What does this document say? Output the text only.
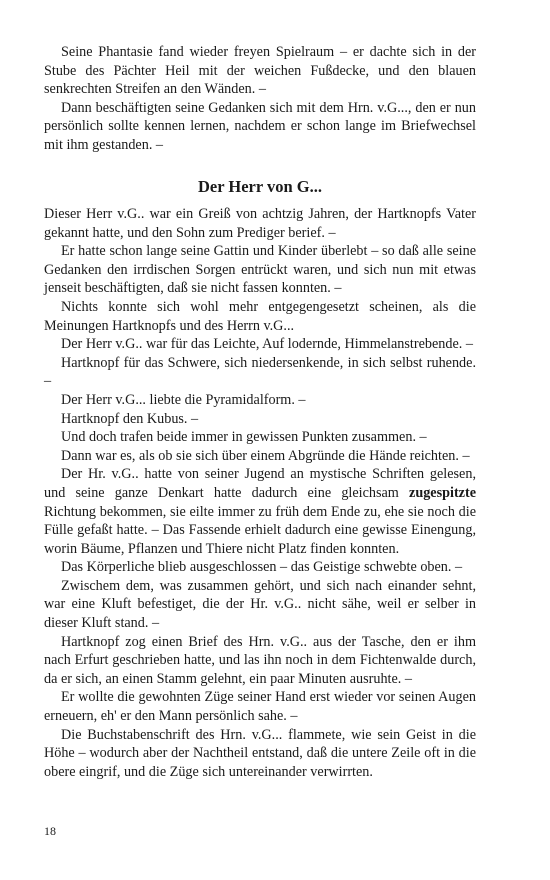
Seine Phantasie fand wieder freyen Spielraum – er dachte sich in der Stube des Pächter Heil mit der weichen Fußdecke, und den blauen senkrechten Streifen an den Wänden. –

Dann beschäftigten seine Gedanken sich mit dem Hrn. v.G..., den er nun persönlich sollte kennen lernen, nachdem er schon lange im Briefwechsel mit ihm gestanden. –

Der Herr von G...

Dieser Herr v.G.. war ein Greiß von achtzig Jahren, der Hartknopfs Vater gekannt hatte, und den Sohn zum Prediger berief. –

Er hatte schon lange seine Gattin und Kinder überlebt – so daß alle seine Gedanken den irrdischen Sorgen entrückt waren, und sich nun mit etwas jenseit beschäftigten, daß sie nicht fassen konnten. –

Nichts konnte sich wohl mehr entgegengesetzt scheinen, als die Meinungen Hartknopfs und des Herrn v.G...

Der Herr v.G.. war für das Leichte, Auf lodernde, Himmelanstrebende. –

Hartknopf für das Schwere, sich niedersenkende, in sich selbst ruhende. –

Der Herr v.G... liebte die Pyramidalform. –

Hartknopf den Kubus. –

Und doch trafen beide immer in gewissen Punkten zusammen. –

Dann war es, als ob sie sich über einem Abgründe die Hände reichten. –

Der Hr. v.G.. hatte von seiner Jugend an mystische Schriften gelesen, und seine ganze Denkart hatte dadurch eine gleichsam zugespitzte Richtung bekommen, sie eilte immer zu früh dem Ende zu, ehe sie noch die Fülle gefaßt hatte. – Das Fassende erhielt dadurch eine gewisse Einengung, worin Bäume, Pflanzen und Thiere nicht Platz finden konnten.

Das Körperliche blieb ausgeschlossen – das Geistige schwebte oben. –

Zwischem dem, was zusammen gehört, und sich nach einander sehnt, war eine Kluft befestiget, die der Hr. v.G.. nicht sähe, weil er selber in dieser Kluft stand. –

Hartknopf zog einen Brief des Hrn. v.G.. aus der Tasche, den er ihm nach Erfurt geschrieben hatte, und las ihn noch in dem Fichtenwalde durch, da er sich, an einen Stamm gelehnt, ein paar Minuten ausruhte. –

Er wollte die gewohnten Züge seiner Hand erst wieder vor seinen Augen erneuern, eh' er den Mann persönlich sahe. –

Die Buchstabenschrift des Hrn. v.G... flammete, wie sein Geist in die Höhe – wodurch aber der Nachtheil entstand, daß die untere Zeile oft in die obere eingrif, und die Züge sich untereinander verwirrten.

18
